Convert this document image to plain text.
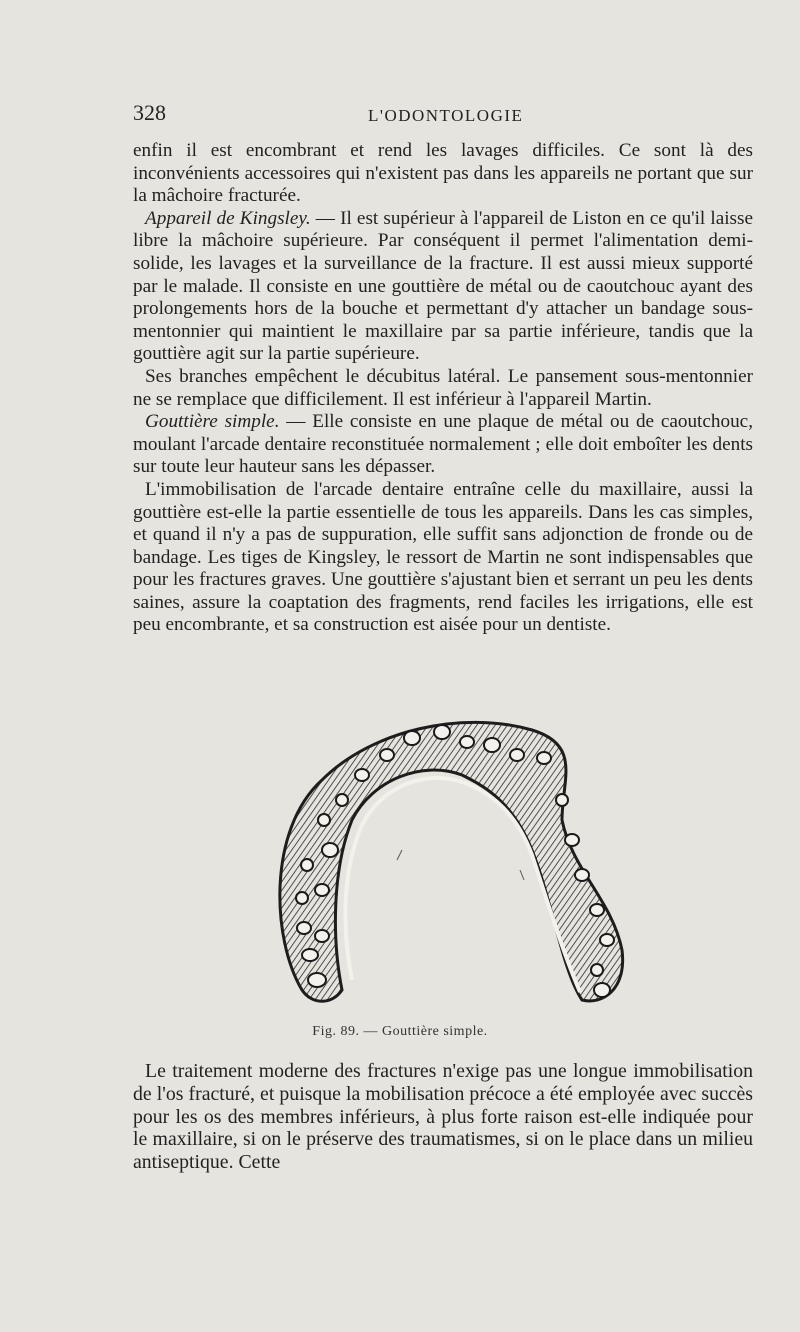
328	L'ODONTOLOGIE

enfin il est encombrant et rend les lavages difficiles. Ce sont là des inconvénients accessoires qui n'existent pas dans les appareils ne portant que sur la mâchoire fracturée.

Appareil de Kingsley. — Il est supérieur à l'appareil de Liston en ce qu'il laisse libre la mâchoire supérieure. Par conséquent il permet l'alimentation demi-solide, les lavages et la surveillance de la fracture. Il est aussi mieux supporté par le malade. Il consiste en une gouttière de métal ou de caoutchouc ayant des prolongements hors de la bouche et permettant d'y attacher un bandage sous-mentonnier qui maintient le maxillaire par sa partie inférieure, tandis que la gouttière agit sur la partie supérieure.

Ses branches empêchent le décubitus latéral. Le pansement sous-mentonnier ne se remplace que difficilement. Il est inférieur à l'appareil Martin.

Gouttière simple. — Elle consiste en une plaque de métal ou de caoutchouc, moulant l'arcade dentaire reconstituée normalement ; elle doit emboîter les dents sur toute leur hauteur sans les dépasser.

L'immobilisation de l'arcade dentaire entraîne celle du maxillaire, aussi la gouttière est-elle la partie essentielle de tous les appareils. Dans les cas simples, et quand il n'y a pas de suppuration, elle suffit sans adjonction de fronde ou de bandage. Les tiges de Kingsley, le ressort de Martin ne sont indispensables que pour les fractures graves. Une gouttière s'ajustant bien et serrant un peu les dents saines, assure la coaptation des fragments, rend faciles les irrigations, elle est peu encombrante, et sa construction est aisée pour un dentiste.

Fig. 89. — Gouttière simple.

Le traitement moderne des fractures n'exige pas une longue immobilisation de l'os fracturé, et puisque la mobilisation précoce a été employée avec succès pour les os des membres inférieurs, à plus forte raison est-elle indiquée pour le maxillaire, si on le préserve des traumatismes, si on le place dans un milieu antiseptique. Cette
